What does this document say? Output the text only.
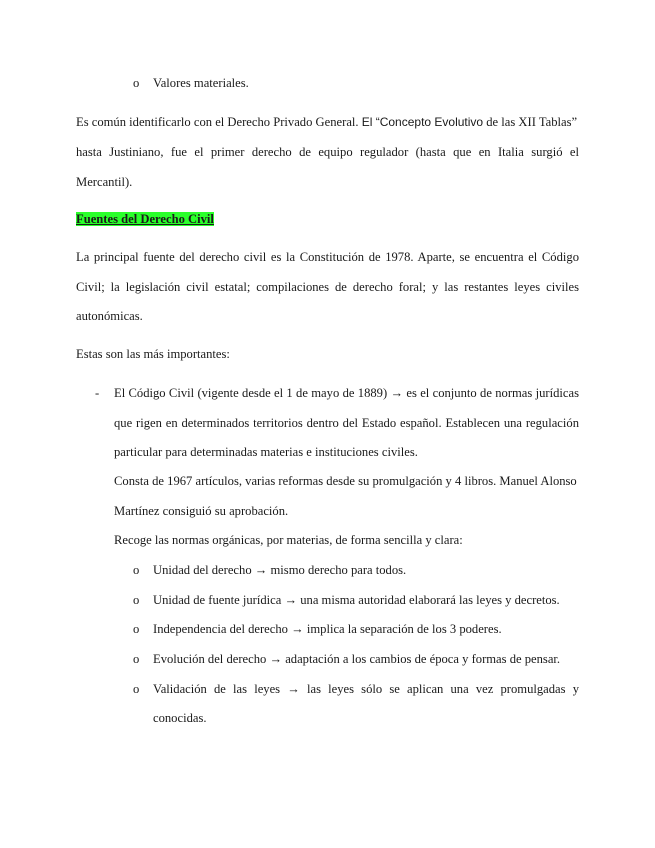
o Valores materiales.
Es común identificarlo con el Derecho Privado General. El “Concepto Evolutivo de las XII Tablas”
hasta Justiniano, fue el primer derecho de equipo regulador (hasta que en Italia surgió el
Mercantil).
Fuentes del Derecho Civil
La principal fuente del derecho civil es la Constitución de 1978. Aparte, se encuentra el Código
Civil; la legislación civil estatal; compilaciones de derecho foral; y las restantes leyes civiles
autonómicas.
Estas son las más importantes:
- El Código Civil (vigente desde el 1 de mayo de 1889) → es el conjunto de normas jurídicas
que rigen en determinados territorios dentro del Estado español. Establecen una regulación
particular para determinadas materias e instituciones civiles.
Consta de 1967 artículos, varias reformas desde su promulgación y 4 libros. Manuel Alonso
Martínez consiguió su aprobación.
Recoge las normas orgánicas, por materias, de forma sencilla y clara:
o Unidad del derecho → mismo derecho para todos.
o Unidad de fuente jurídica → una misma autoridad elaborará las leyes y decretos.
o Independencia del derecho → implica la separación de los 3 poderes.
o Evolución del derecho → adaptación a los cambios de época y formas de pensar.
o Validación de las leyes → las leyes sólo se aplican una vez promulgadas y
conocidas.
